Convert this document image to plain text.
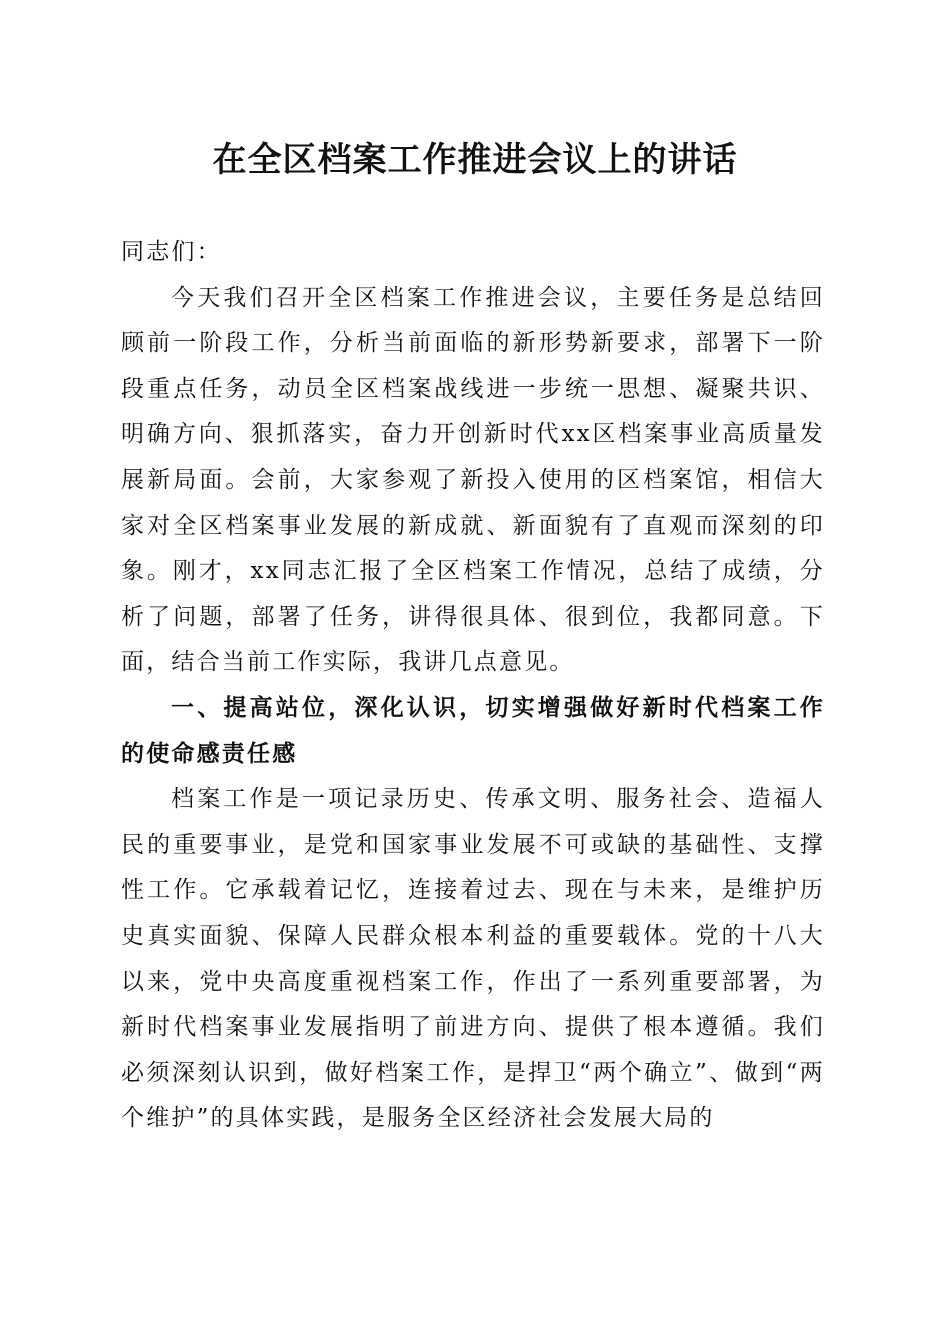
在全区档案工作推进会议上的讲话

同志们：

今天我们召开全区档案工作推进会议，主要任务是总结回顾前一阶段工作，分析当前面临的新形势新要求，部署下一阶段重点任务，动员全区档案战线进一步统一思想、凝聚共识、明确方向、狠抓落实，奋力开创新时代xx区档案事业高质量发展新局面。会前，大家参观了新投入使用的区档案馆，相信大家对全区档案事业发展的新成就、新面貌有了直观而深刻的印象。刚才，xx同志汇报了全区档案工作情况，总结了成绩，分析了问题，部署了任务，讲得很具体、很到位，我都同意。下面，结合当前工作实际，我讲几点意见。

一、提高站位，深化认识，切实增强做好新时代档案工作的使命感责任感

档案工作是一项记录历史、传承文明、服务社会、造福人民的重要事业，是党和国家事业发展不可或缺的基础性、支撑性工作。它承载着记忆，连接着过去、现在与未来，是维护历史真实面貌、保障人民群众根本利益的重要载体。党的十八大以来，党中央高度重视档案工作，作出了一系列重要部署，为新时代档案事业发展指明了前进方向、提供了根本遵循。我们必须深刻认识到，做好档案工作，是捍卫“两个确立”、做到“两个维护”的具体实践，是服务全区经济社会发展大局的
